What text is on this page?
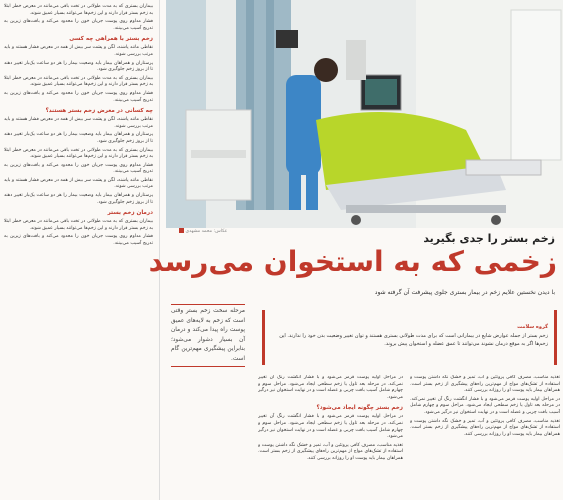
بیماران بستری که به مدت طولانی در تخت باقی می‌مانند در معرض خطر ابتلا به زخم بستر قرار دارند و این زخم‌ها می‌توانند بسیار عمیق شوند.

فشار مداوم روی پوست جریان خون را محدود می‌کند و بافت‌های زیرین به تدریج آسیب می‌بینند.

زخم بستر با همراهی چه کسی

نقاطی مانند پاشنه، لگن و پشت سر بیش از همه در معرض فشار هستند و باید مرتب بررسی شوند.

پرستاران و همراهان بیمار باید وضعیت بیمار را هر دو ساعت یک‌بار تغییر دهند تا از بروز زخم جلوگیری شود.

بیماران بستری که به مدت طولانی در تخت باقی می‌مانند در معرض خطر ابتلا به زخم بستر قرار دارند و این زخم‌ها می‌توانند بسیار عمیق شوند.

فشار مداوم روی پوست جریان خون را محدود می‌کند و بافت‌های زیرین به تدریج آسیب می‌بینند.

چه کسانی در معرض زخم بستر هستند؟

نقاطی مانند پاشنه، لگن و پشت سر بیش از همه در معرض فشار هستند و باید مرتب بررسی شوند.

پرستاران و همراهان بیمار باید وضعیت بیمار را هر دو ساعت یک‌بار تغییر دهند تا از بروز زخم جلوگیری شود.

بیماران بستری که به مدت طولانی در تخت باقی می‌مانند در معرض خطر ابتلا به زخم بستر قرار دارند و این زخم‌ها می‌توانند بسیار عمیق شوند.

فشار مداوم روی پوست جریان خون را محدود می‌کند و بافت‌های زیرین به تدریج آسیب می‌بینند.

نقاطی مانند پاشنه، لگن و پشت سر بیش از همه در معرض فشار هستند و باید مرتب بررسی شوند.

پرستاران و همراهان بیمار باید وضعیت بیمار را هر دو ساعت یک‌بار تغییر دهند تا از بروز زخم جلوگیری شود.

درمان زخم بستر

بیماران بستری که به مدت طولانی در تخت باقی می‌مانند در معرض خطر ابتلا به زخم بستر قرار دارند و این زخم‌ها می‌توانند بسیار عمیق شوند.

فشار مداوم روی پوست جریان خون را محدود می‌کند و بافت‌های زیرین به تدریج آسیب می‌بینند.

عکاس: محمد مشهدی
زخم بستر را جدی بگیرید
زخمی که به استخوان می‌رسد
با دیدن نخستین علایم زخم در بیمار بستری جلوی پیشرفت آن گرفته شود
گروه سلامت

زخم بستر از جمله عوارض شایع در بیمارانی است که برای مدت طولانی بستری هستند و توان تغییر وضعیت بدن خود را ندارند. این زخم‌ها اگر به موقع درمان نشوند می‌توانند تا عمق عضله و استخوان پیش بروند.

مرحله سخت زخم بستر وقتی است که زخم به لایه‌های عمیق پوست راه پیدا می‌کند و درمان آن بسیار دشوار می‌شود؛ بنابراین پیشگیری مهم‌ترین گام است.

در مراحل اولیه پوست قرمز می‌شود و با فشار انگشت رنگ آن تغییر نمی‌کند. در مرحله بعد تاول یا زخم سطحی ایجاد می‌شود. مراحل سوم و چهارم شامل آسیب بافت چربی و عضله است و در نهایت استخوان نیز درگیر می‌شود.

زخم بستر چگونه ایجاد می‌شود؟

در مراحل اولیه پوست قرمز می‌شود و با فشار انگشت رنگ آن تغییر نمی‌کند. در مرحله بعد تاول یا زخم سطحی ایجاد می‌شود. مراحل سوم و چهارم شامل آسیب بافت چربی و عضله است و در نهایت استخوان نیز درگیر می‌شود.

تغذیه مناسب، مصرف کافی پروتئین و آب، تمیز و خشک نگه داشتن پوست و استفاده از تشک‌های مواج از مهم‌ترین راه‌های پیشگیری از زخم بستر است. همراهان بیمار باید پوست او را روزانه بررسی کنند.

تغذیه مناسب، مصرف کافی پروتئین و آب، تمیز و خشک نگه داشتن پوست و استفاده از تشک‌های مواج از مهم‌ترین راه‌های پیشگیری از زخم بستر است. همراهان بیمار باید پوست او را روزانه بررسی کنند.

در مراحل اولیه پوست قرمز می‌شود و با فشار انگشت رنگ آن تغییر نمی‌کند. در مرحله بعد تاول یا زخم سطحی ایجاد می‌شود. مراحل سوم و چهارم شامل آسیب بافت چربی و عضله است و در نهایت استخوان نیز درگیر می‌شود.

تغذیه مناسب، مصرف کافی پروتئین و آب، تمیز و خشک نگه داشتن پوست و استفاده از تشک‌های مواج از مهم‌ترین راه‌های پیشگیری از زخم بستر است. همراهان بیمار باید پوست او را روزانه بررسی کنند.
